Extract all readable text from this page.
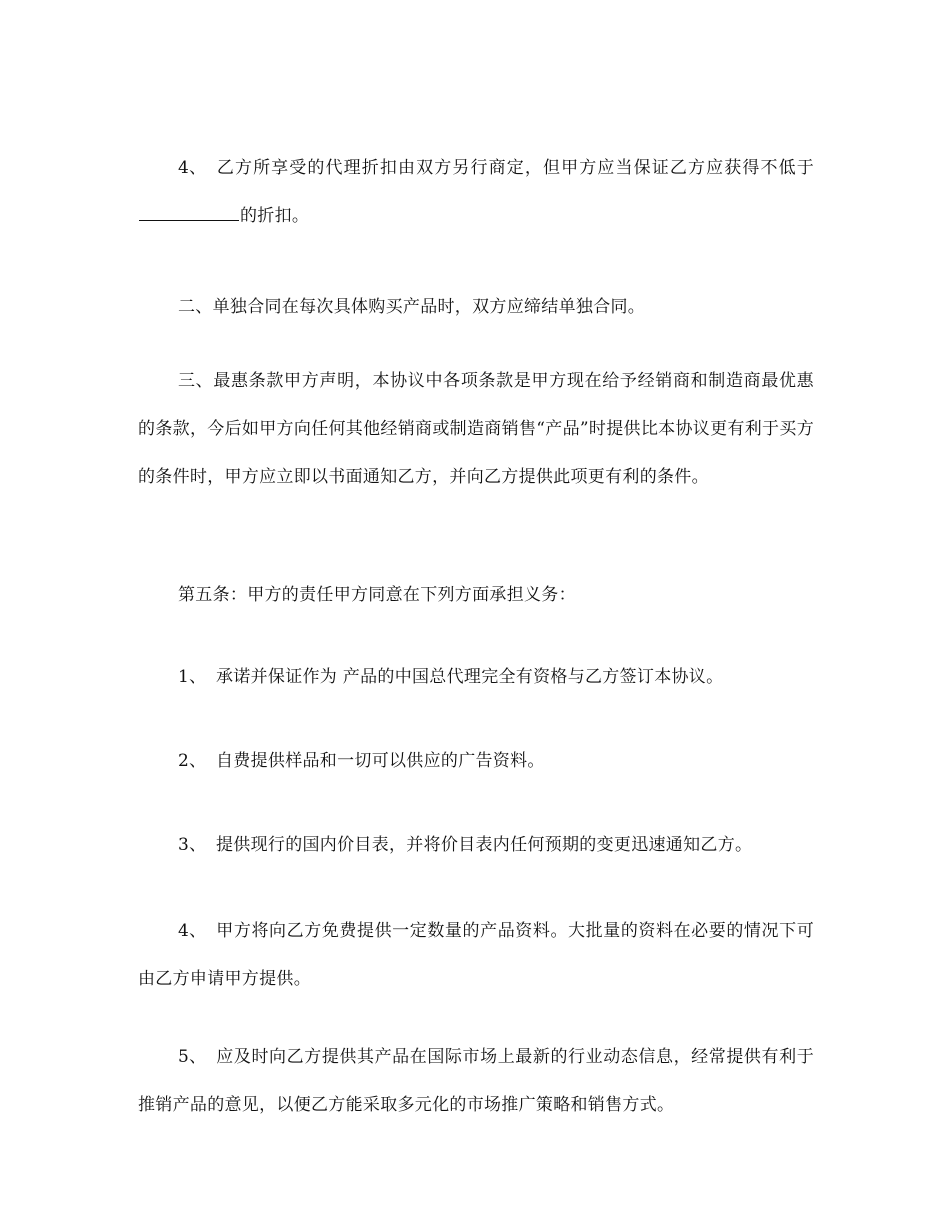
4、 乙方所享受的代理折扣由双方另行商定，但甲方应当保证乙方应获得不低于的折扣。

二、单独合同在每次具体购买产品时，双方应缔结单独合同。

三、最惠条款甲方声明，本协议中各项条款是甲方现在给予经销商和制造商最优惠的条款，今后如甲方向任何其他经销商或制造商销售“产品”时提供比本协议更有利于买方的条件时，甲方应立即以书面通知乙方，并向乙方提供此项更有利的条件。

第五条：甲方的责任甲方同意在下列方面承担义务：

1、 承诺并保证作为 产品的中国总代理完全有资格与乙方签订本协议。

2、 自费提供样品和一切可以供应的广告资料。

3、 提供现行的国内价目表，并将价目表内任何预期的变更迅速通知乙方。

4、 甲方将向乙方免费提供一定数量的产品资料。大批量的资料在必要的情况下可由乙方申请甲方提供。

5、 应及时向乙方提供其产品在国际市场上最新的行业动态信息，经常提供有利于推销产品的意见，以便乙方能采取多元化的市场推广策略和销售方式。
